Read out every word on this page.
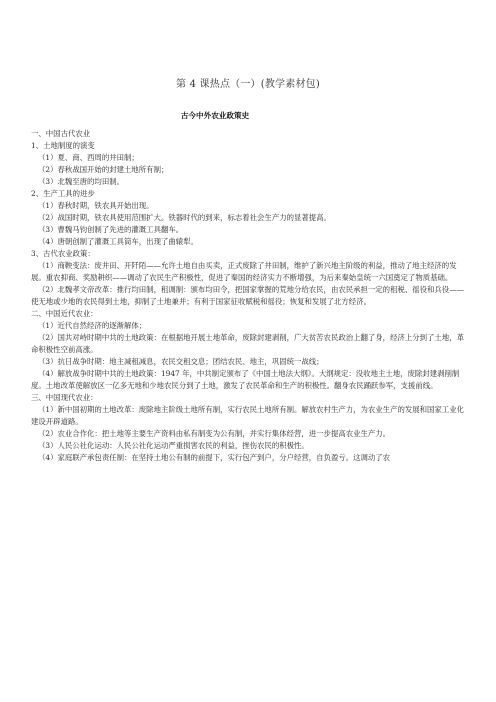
第 4 课热点（一）(教学素材包)
古今中外农业政策史

一、中国古代农业

1、土地制度的演变

（1）夏、商、西周的井田制；

（2）春秋战国开始的封建土地所有制；

（3）北魏至唐的均田制。

2、生产工具的进步

（1）春秋时期，铁农具开始出现。

（2）战国时期，铁农具使用范围扩大。铁器时代的到来，标志着社会生产力的显著提高。

（3）曹魏马钧创制了先进的灌溉工具翻车。

（4）唐朝创制了灌溉工具筒车，出现了曲辕犁。

3、古代农业政策：

（1）商鞅变法：废井田、开阡陌——允许土地自由买卖，正式废除了井田制，维护了新兴地主阶级的利益，推动了地主经济的发展。重农抑商、奖励耕织——调动了农民生产积极性，促进了秦国的经济实力不断增强，为后来秦始皇统一六国奠定了物质基础。

（2）北魏孝文帝改革：推行均田制，租调制：颁布均田令，把国家掌握的荒地分给农民，由农民承担一定的租税、徭役和兵役——使无地或少地的农民得到土地，抑制了土地兼并；有利于国家征收赋税和徭役；恢复和发展了北方经济。

二、中国近代农业：

（1）近代自然经济的逐渐解体；

（2）国共对峙时期中共的土地政策：在根据地开展土地革命，废除封建剥削，广大贫苦农民政治上翻了身，经济上分到了土地，革命积极性空前高涨。

（3）抗日战争时期：地主减租减息，农民交租交息；团结农民、地主，巩固统一战线；

（4）解放战争时期中共的土地政策：1947 年，中共制定颁布了《中国土地法大纲》。大纲规定：没收地主土地，废除封建剥削制度。土地改革使解放区一亿多无地和少地农民分到了土地，激发了农民革命和生产的积极性。翻身农民踊跃参军，支援前线。

三、中国现代农业：

（1）新中国初期的土地改革：废除地主阶级土地所有制，实行农民土地所有制。解放农村生产力，为农业生产的发展和国家工业化建设开辟道路。

（2）农业合作化：把土地等主要生产资料由私有制变为公有制，并实行集体经营，进一步提高农业生产力。

（3）人民公社化运动：人民公社化运动严重损害农民的利益，挫伤农民的积极性。

（4）家庭联产承包责任制：在坚持土地公有制的前提下，实行包产到户，分户经营，自负盈亏。这调动了农
